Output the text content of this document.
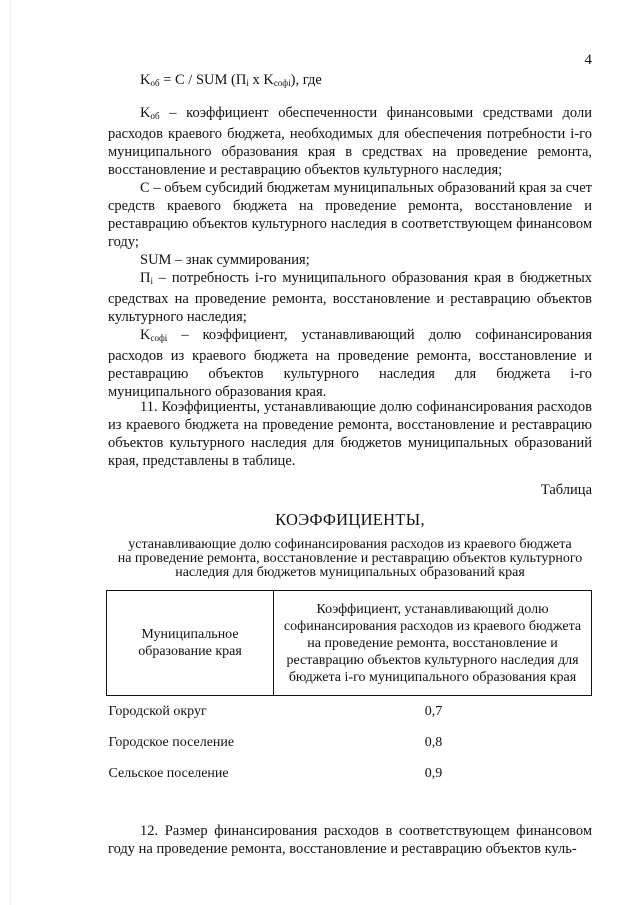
4
$K_{об} = C$ / SUM ($П_i$ x $K_{софi}$), где

$K_{об}$ – коэффициент обеспеченности финансовыми средствами доли расходов краевого бюджета, необходимых для обеспечения потребности i-го муниципального образования края в средствах на проведение ремонта, восстановление и реставрацию объектов культурного наследия;

С – объем субсидий бюджетам муниципальных образований края за счет средств краевого бюджета на проведение ремонта, восстановление и реставрацию объектов культурного наследия в соответствующем финансовом году;

SUM – знак суммирования;

$П_i$ – потребность i-го муниципального образования края в бюджетных средствах на проведение ремонта, восстановление и реставрацию объектов культурного наследия;

$K_{софi}$ – коэффициент, устанавливающий долю софинансирования расходов из краевого бюджета на проведение ремонта, восстановление и реставрацию объектов культурного наследия для бюджета i-го муниципального образования края.

11. Коэффициенты, устанавливающие долю софинансирования расходов из краевого бюджета на проведение ремонта, восстановление и реставрацию объектов культурного наследия для бюджетов муниципальных образований края, представлены в таблице.

Таблица
КОЭФФИЦИЕНТЫ,
устанавливающие долю софинансирования расходов из краевого бюджета
на проведение ремонта, восстановление и реставрацию объектов культурного
наследия для бюджетов муниципальных образований края
Муниципальное образование края	Коэффициент, устанавливающий долю софинансирования расходов из краевого бюджета на проведение ремонта, восстановление и реставрацию объектов культурного наследия для бюджета i-го муниципального образования края
Городской округ	0,7
Городское поселение	0,8
Сельское поселение	0,9

12. Размер финансирования расходов в соответствующем финансовом году на проведение ремонта, восстановление и реставрацию объектов куль-
